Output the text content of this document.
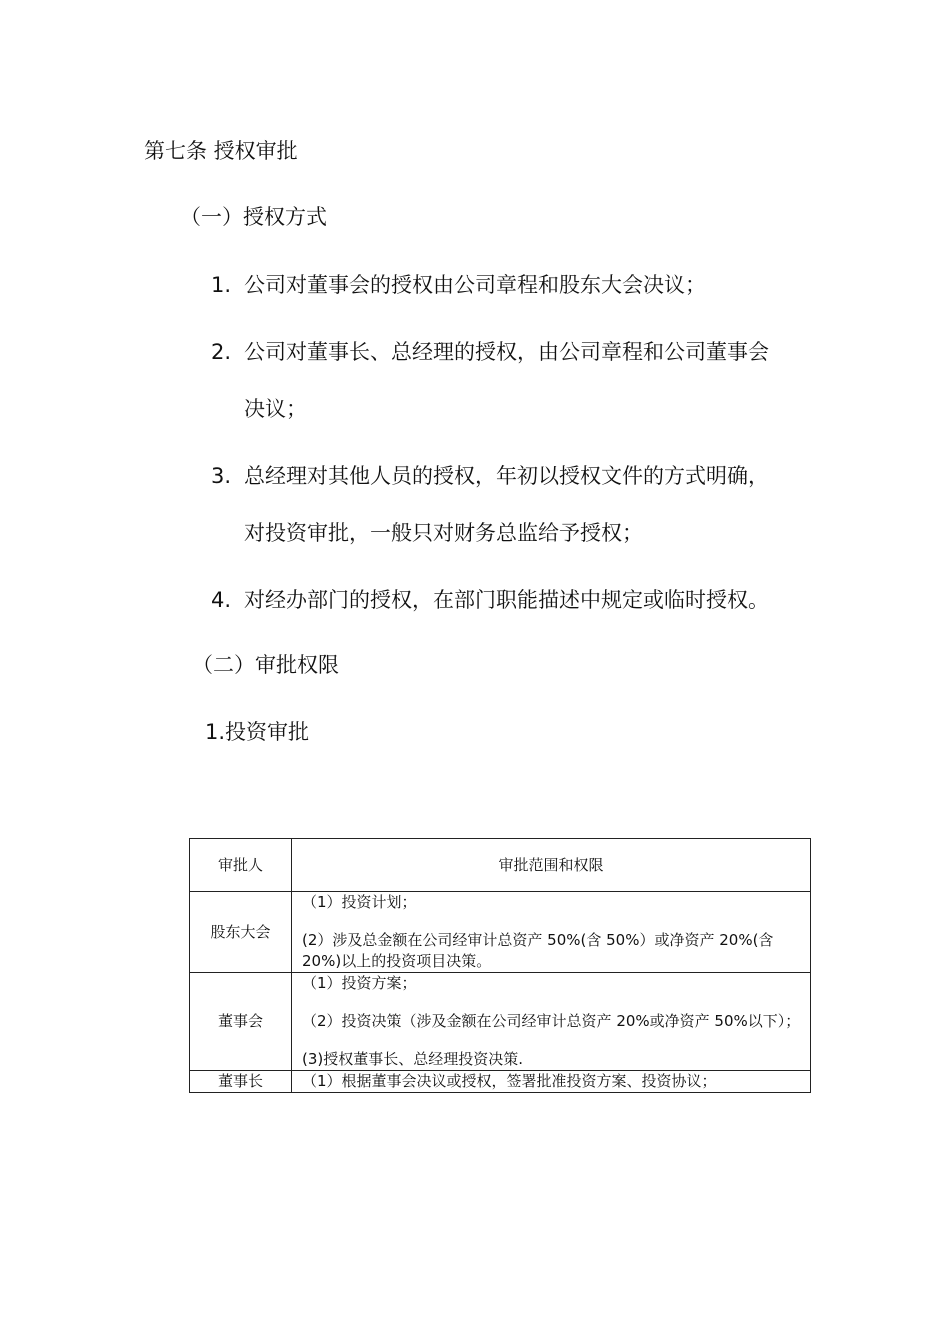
第七条 授权审批
（一）授权方式
1. 公司对董事会的授权由公司章程和股东大会决议；
2. 公司对董事长、总经理的授权，由公司章程和公司董事会
决议；
3. 总经理对其他人员的授权，年初以授权文件的方式明确，
对投资审批，一般只对财务总监给予授权；
4. 对经办部门的授权，在部门职能描述中规定或临时授权。
（二）审批权限
1.投资审批
审批人	审批范围和权限
股东大会	（1）投资计划；

(2）涉及总金额在公司经审计总资产 50%(含 50%）或净资产 20%(含 20%)以上的投资项目决策。

董事会	（1）投资方案；

（2）投资决策（涉及金额在公司经审计总资产 20%或净资产 50%以下）；

(3)授权董事长、总经理投资决策.

董事长	（1）根据董事会决议或授权，签署批准投资方案、投资协议；
